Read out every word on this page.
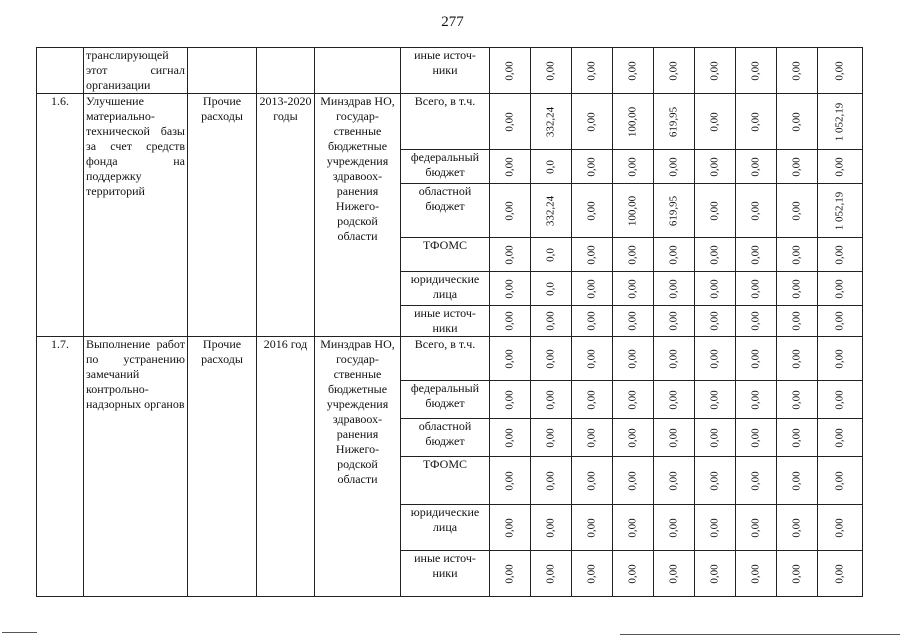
277
	транслирующей этот сигнал организации				иные источ-ники	0,00	0,00	0,00	0,00	0,00	0,00	0,00	0,00	0,00

1.6.	Улучшение материально-технической базы за счет средств фонда на поддержку территорий	Прочие расходы	2013-2020 годы	Минздрав НО, государ-ственные бюджетные учреждения здравоох-ранения Нижего-родской области	Всего, в т.ч.	0,00	332,24	0,00	100,00	619,95	0,00	0,00	0,00	1 052,19

					федеральный бюджет	0,00	0,0	0,00	0,00	0,00	0,00	0,00	0,00	0,00

					областной бюджет	0,00	332,24	0,00	100,00	619,95	0,00	0,00	0,00	1 052,19

					ТФОМС	0,00	0,0	0,00	0,00	0,00	0,00	0,00	0,00	0,00

					юридические лица	0,00	0,0	0,00	0,00	0,00	0,00	0,00	0,00	0,00

					иные источ-ники	0,00	0,00	0,00	0,00	0,00	0,00	0,00	0,00	0,00

1.7.	Выполнение работ по устранению замечаний контрольно-надзорных органов	Прочие расходы	2016 год	Минздрав НО, государ-ственные бюджетные учреждения здравоох-ранения Нижего-родской области	Всего, в т.ч.	0,00	0,00	0,00	0,00	0,00	0,00	0,00	0,00	0,00

					федеральный бюджет	0,00	0,00	0,00	0,00	0,00	0,00	0,00	0,00	0,00

					областной бюджет	0,00	0,00	0,00	0,00	0,00	0,00	0,00	0,00	0,00

					ТФОМС	0,00	0,00	0,00	0,00	0,00	0,00	0,00	0,00	0,00

					юридические лица	0,00	0,00	0,00	0,00	0,00	0,00	0,00	0,00	0,00

					иные источ-ники	0,00	0,00	0,00	0,00	0,00	0,00	0,00	0,00	0,00
